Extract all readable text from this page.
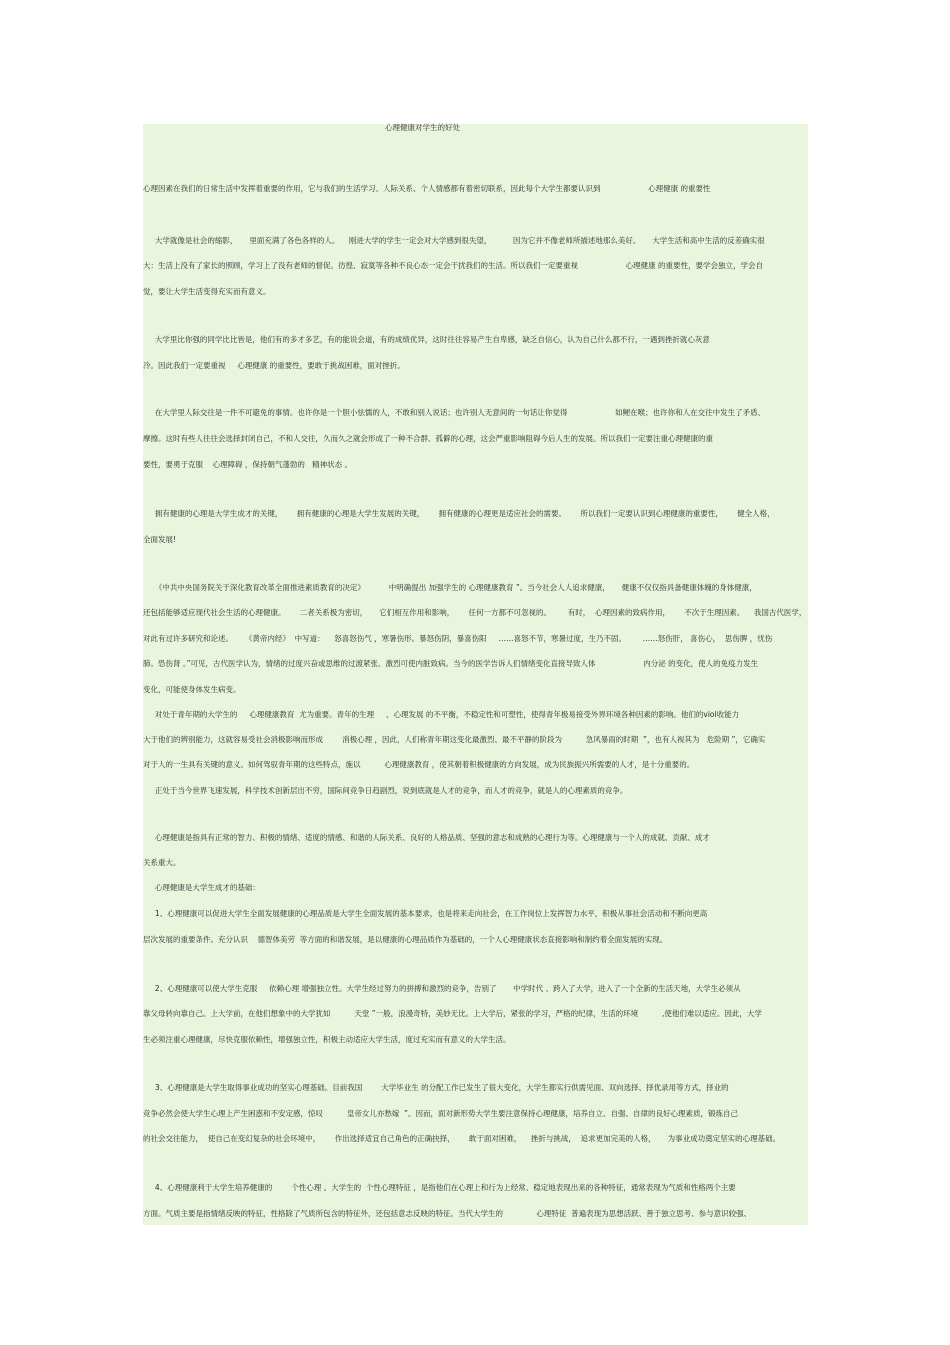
心理健康对学生的好处
心理因素在我们的日常生活中发挥着重要的作用，它与我们的生活学习、人际关系、个人情感都有着密切联系，因此每个大学生都要认识到                    心理健康 的重要性
大学就像是社会的缩影，     里面充满了各色各样的人。    刚进大学的学生一定会对大学感到很失望，         因为它并不像老师所描述地那么美好。     大学生活和高中生活的反差确实很
大：生活上没有了家长的照顾，学习上了没有老师的督促。彷徨、寂寞等各种不良心态一定会干扰我们的生活。所以我们一定要重视                    心理健康 的重要性，要学会独立，学会自
觉，要让大学生活变得充实而有意义。
大学里比你强的同学比比皆是，他们有的多才多艺，有的能说会道，有的成绩优异，这时往往容易产生自卑感，缺乏自信心，认为自己什么都不行，一遇到挫折就心灰意
冷。因此我们一定要重视     心理健康 的重要性，要敢于挑战困难，面对挫折。
在大学里人际交往是一件不可避免的事情。也许你是一个胆小怯懦的人，不敢和别人说话；也许别人无意间的一句话让你觉得                    如鲠在喉；也许你和人在交往中发生了矛盾、
摩擦。这时有些人往往会选择封闭自己，不和人交往，久而久之就会形成了一种不合群、孤僻的心理，这会严重影响阻碍今后人生的发展。所以我们一定要注重心理健康的重
要性，要勇于克服    心理障碍 ，保持朝气蓬勃的   精神状态 。
拥有健康的心理是大学生成才的关键，      拥有健康的心理是大学生发展的关键，      拥有健康的心理更是适应社会的需要。      所以我们一定要认识到心理健康的重要性，      健全人格，
全面发展!
《中共中央国务院关于深化教育改革全面推进素质教育的决定》          中明确提出 加强学生的 心理健康教育 ”。当今社会人人追求健康，     健康不仅仅指具备健康体魄的身体健康，
还包括能够适应现代社会生活的心理健康。      二者关系极为密切，     它们相互作用和影响，      任何一方都不可忽视的。       有时，  心理因素的致病作用，      不次于生理因素。    我国古代医学，
对此有过许多研究和论述。     《黄帝内经》  中写道：    怒喜怒伤气 ，寒暑伤形。暴怒伤阴，暴喜伤阳     ……喜怒不节，寒暑过度，生乃不固。       ……怒伤肝， 喜伤心，  思伤脾 ，忧伤
肺。恐伤肾 。”可见，古代医学认为，情绪的过度兴奋或思维的过渡紧张、激烈可使内脏致病。当今的医学告诉人们情绪变化直接导致人体                    内分泌 的变化，使人的免疫力发生
变化，可能使身体发生病变。
对处于青年期的大学生的     心理健康教育  尤为重要。青年的生理     、心理发展 的不平衡，不稳定性和可塑性，使得青年极易接受外界环境各种因素的影响。他们的viol收能力
大于他们的辨别能力，这就容易受社会消极影响而形成        消极心理 ，因此，人们称青年期这变化最激烈、最不平静的阶段为          急风暴雨的时期  ”，也有人视其为   危险期 ”，它确实
对于人的一生具有关键的意义。如何驾驭青年期的这些特点，施以          心理健康教育 ，使其朝着积极健康的方向发展，成为民族振兴所需要的人才，是十分重要的。
正处于当今世界飞速发展，科学技术创新层出不穷，国际间竞争日趋剧烈，说到底就是人才的竞争，而人才的竞争，就是人的心理素质的竞争。
心理健康是指具有正常的智力、积极的情绪、适度的情感、和谐的人际关系、良好的人格品质、坚强的意志和成熟的心理行为等。心理健康与一个人的成就、贡献、成才
关系重大。
心理健康是大学生成才的基础：
1、心理健康可以促进大学生全面发展健康的心理品质是大学生全面发展的基本要求，也是将来走向社会，在工作岗位上发挥智力水平，积极从事社会活动和不断向更高
层次发展的重要条件。充分认识    德智体美劳  等方面的和谐发展，是以健康的心理品质作为基础的，一个人心理健康状态直接影响和制约着全面发展的实现。
2、心理健康可以使大学生克服     依赖心理 增强独立性。大学生经过努力的拼搏和激烈的竞争，告别了       中学时代 、跨入了大学，进入了一个全新的生活天地，大学生必须从
靠父母转向靠自己。上大学前，在他们想象中的大学犹如          天堂 ”一般，浪漫奇特，美妙无比。上大学后，紧张的学习，严格的纪律，生活的环境          ,使他们难以适应。因此，大学
生必须注重心理健康，尽快克服依赖性，增强独立性，积极主动适应大学生活，度过充实而有意义的大学生活。
3、心理健康是大学生取得事业成功的坚实心理基础。目前我国        大学毕业生 的分配工作已发生了很大变化，大学生都实行供需见面、双向选择、择优录用等方式，择业的
竞争必然会使大学生心理上产生困惑和不安定感，惊叹          皇帝女儿亦愁嫁  ”。因而，面对新形势大学生要注意保持心理健康，培养自立、自强、自律的良好心理素质，锻炼自己
的社会交往能力，  使自己在变幻复杂的社会环境中，      作出选择适宜自己角色的正确抉择，      敢于面对困难，    挫折与挑战，  追求更加完美的人格，     为事业成功奠定坚实的心理基础。
4、心理健康利于大学生培养健康的        个性心理 。大学生的  个性心理特征 ，是指他们在心理上和行为上经常、稳定地表现出来的各种特征，通常表现为气质和性格两个主要
方面。气质主要是指情绪反映的特征，性格除了气质所包含的特征外，还包括意志反映的特征。当代大学生的              心理特征  普遍表现为思想活跃、善于独立思考、参与意识较强、
